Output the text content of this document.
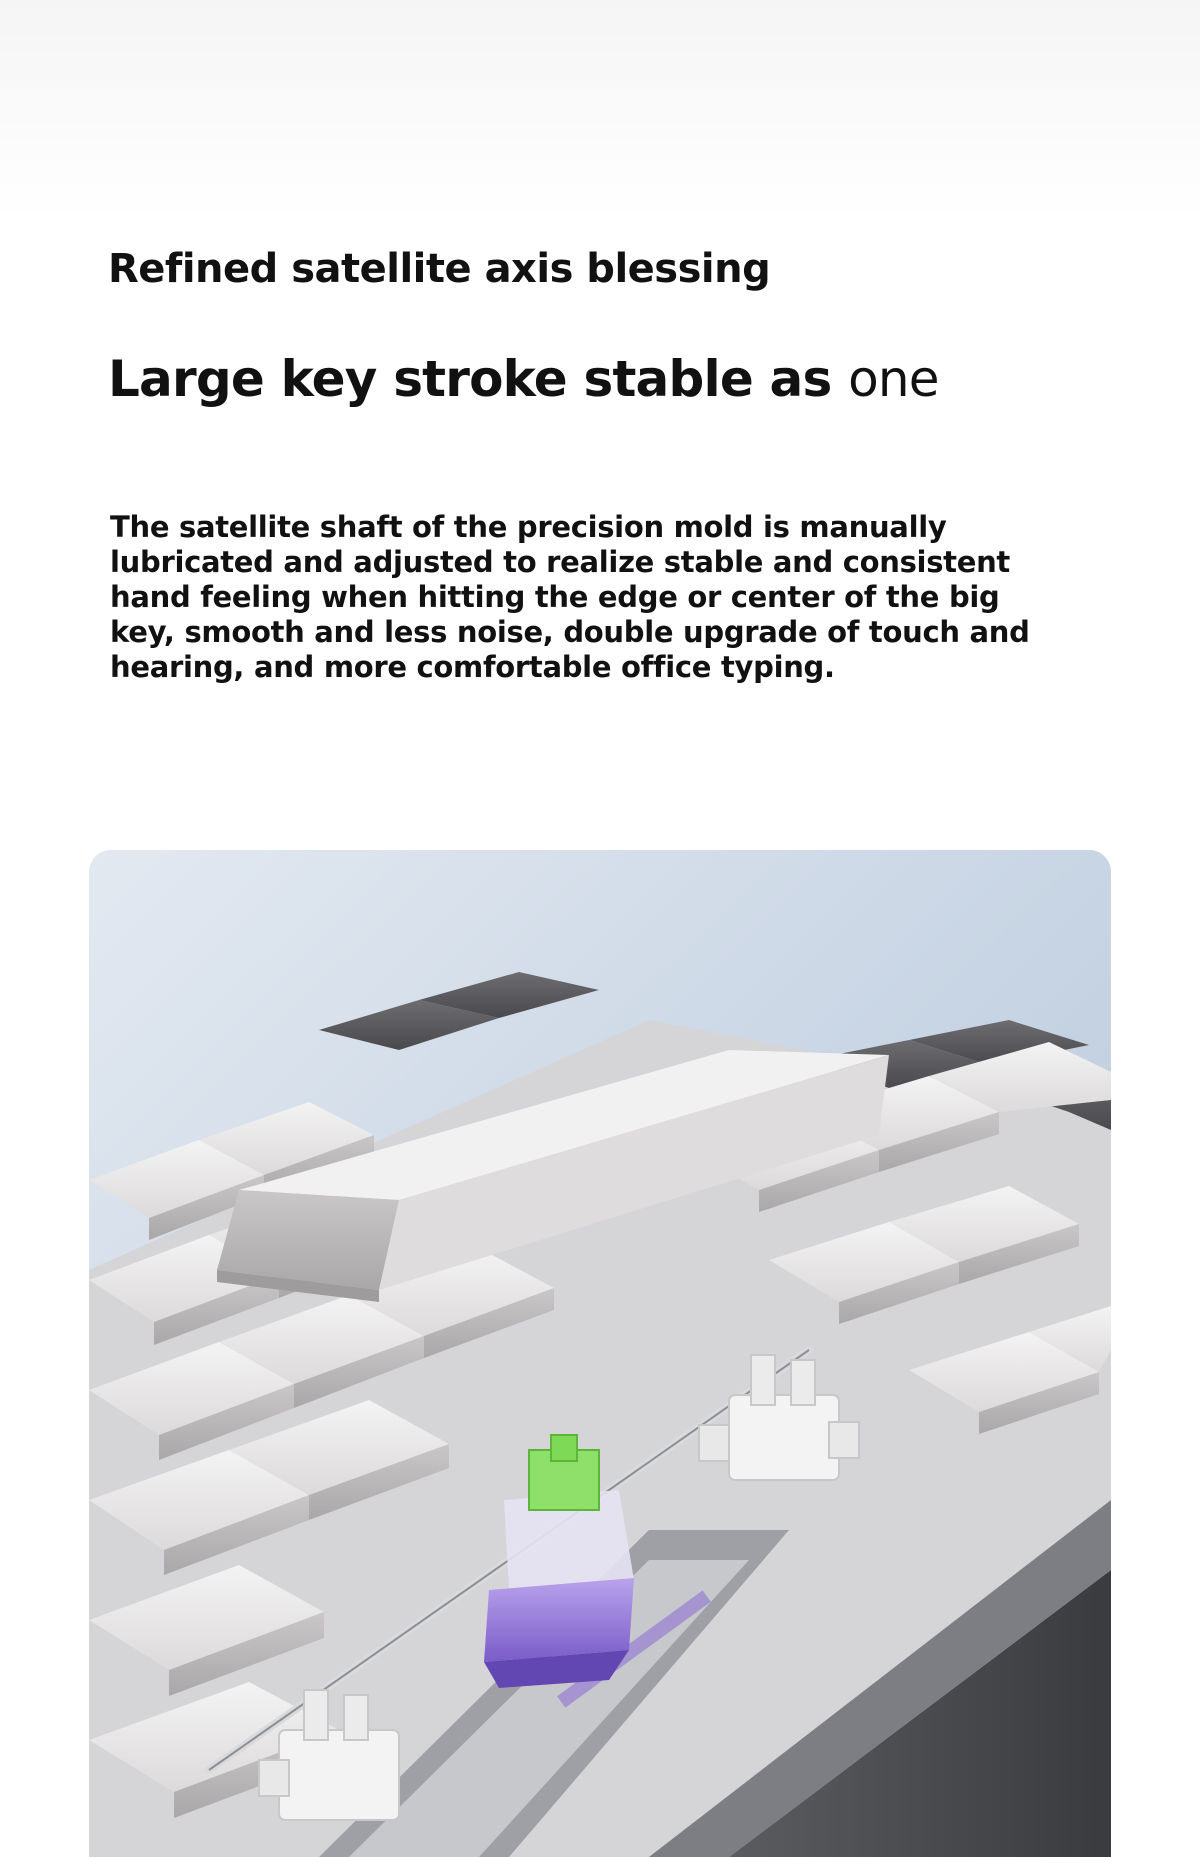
Refined satellite axis blessing
Large key stroke stable as one

The satellite shaft of the precision mold is manually lubricated and adjusted to realize stable and consistent hand feeling when hitting the edge or center of the big key, smooth and less noise, double upgrade of touch and hearing, and more comfortable office typing.
